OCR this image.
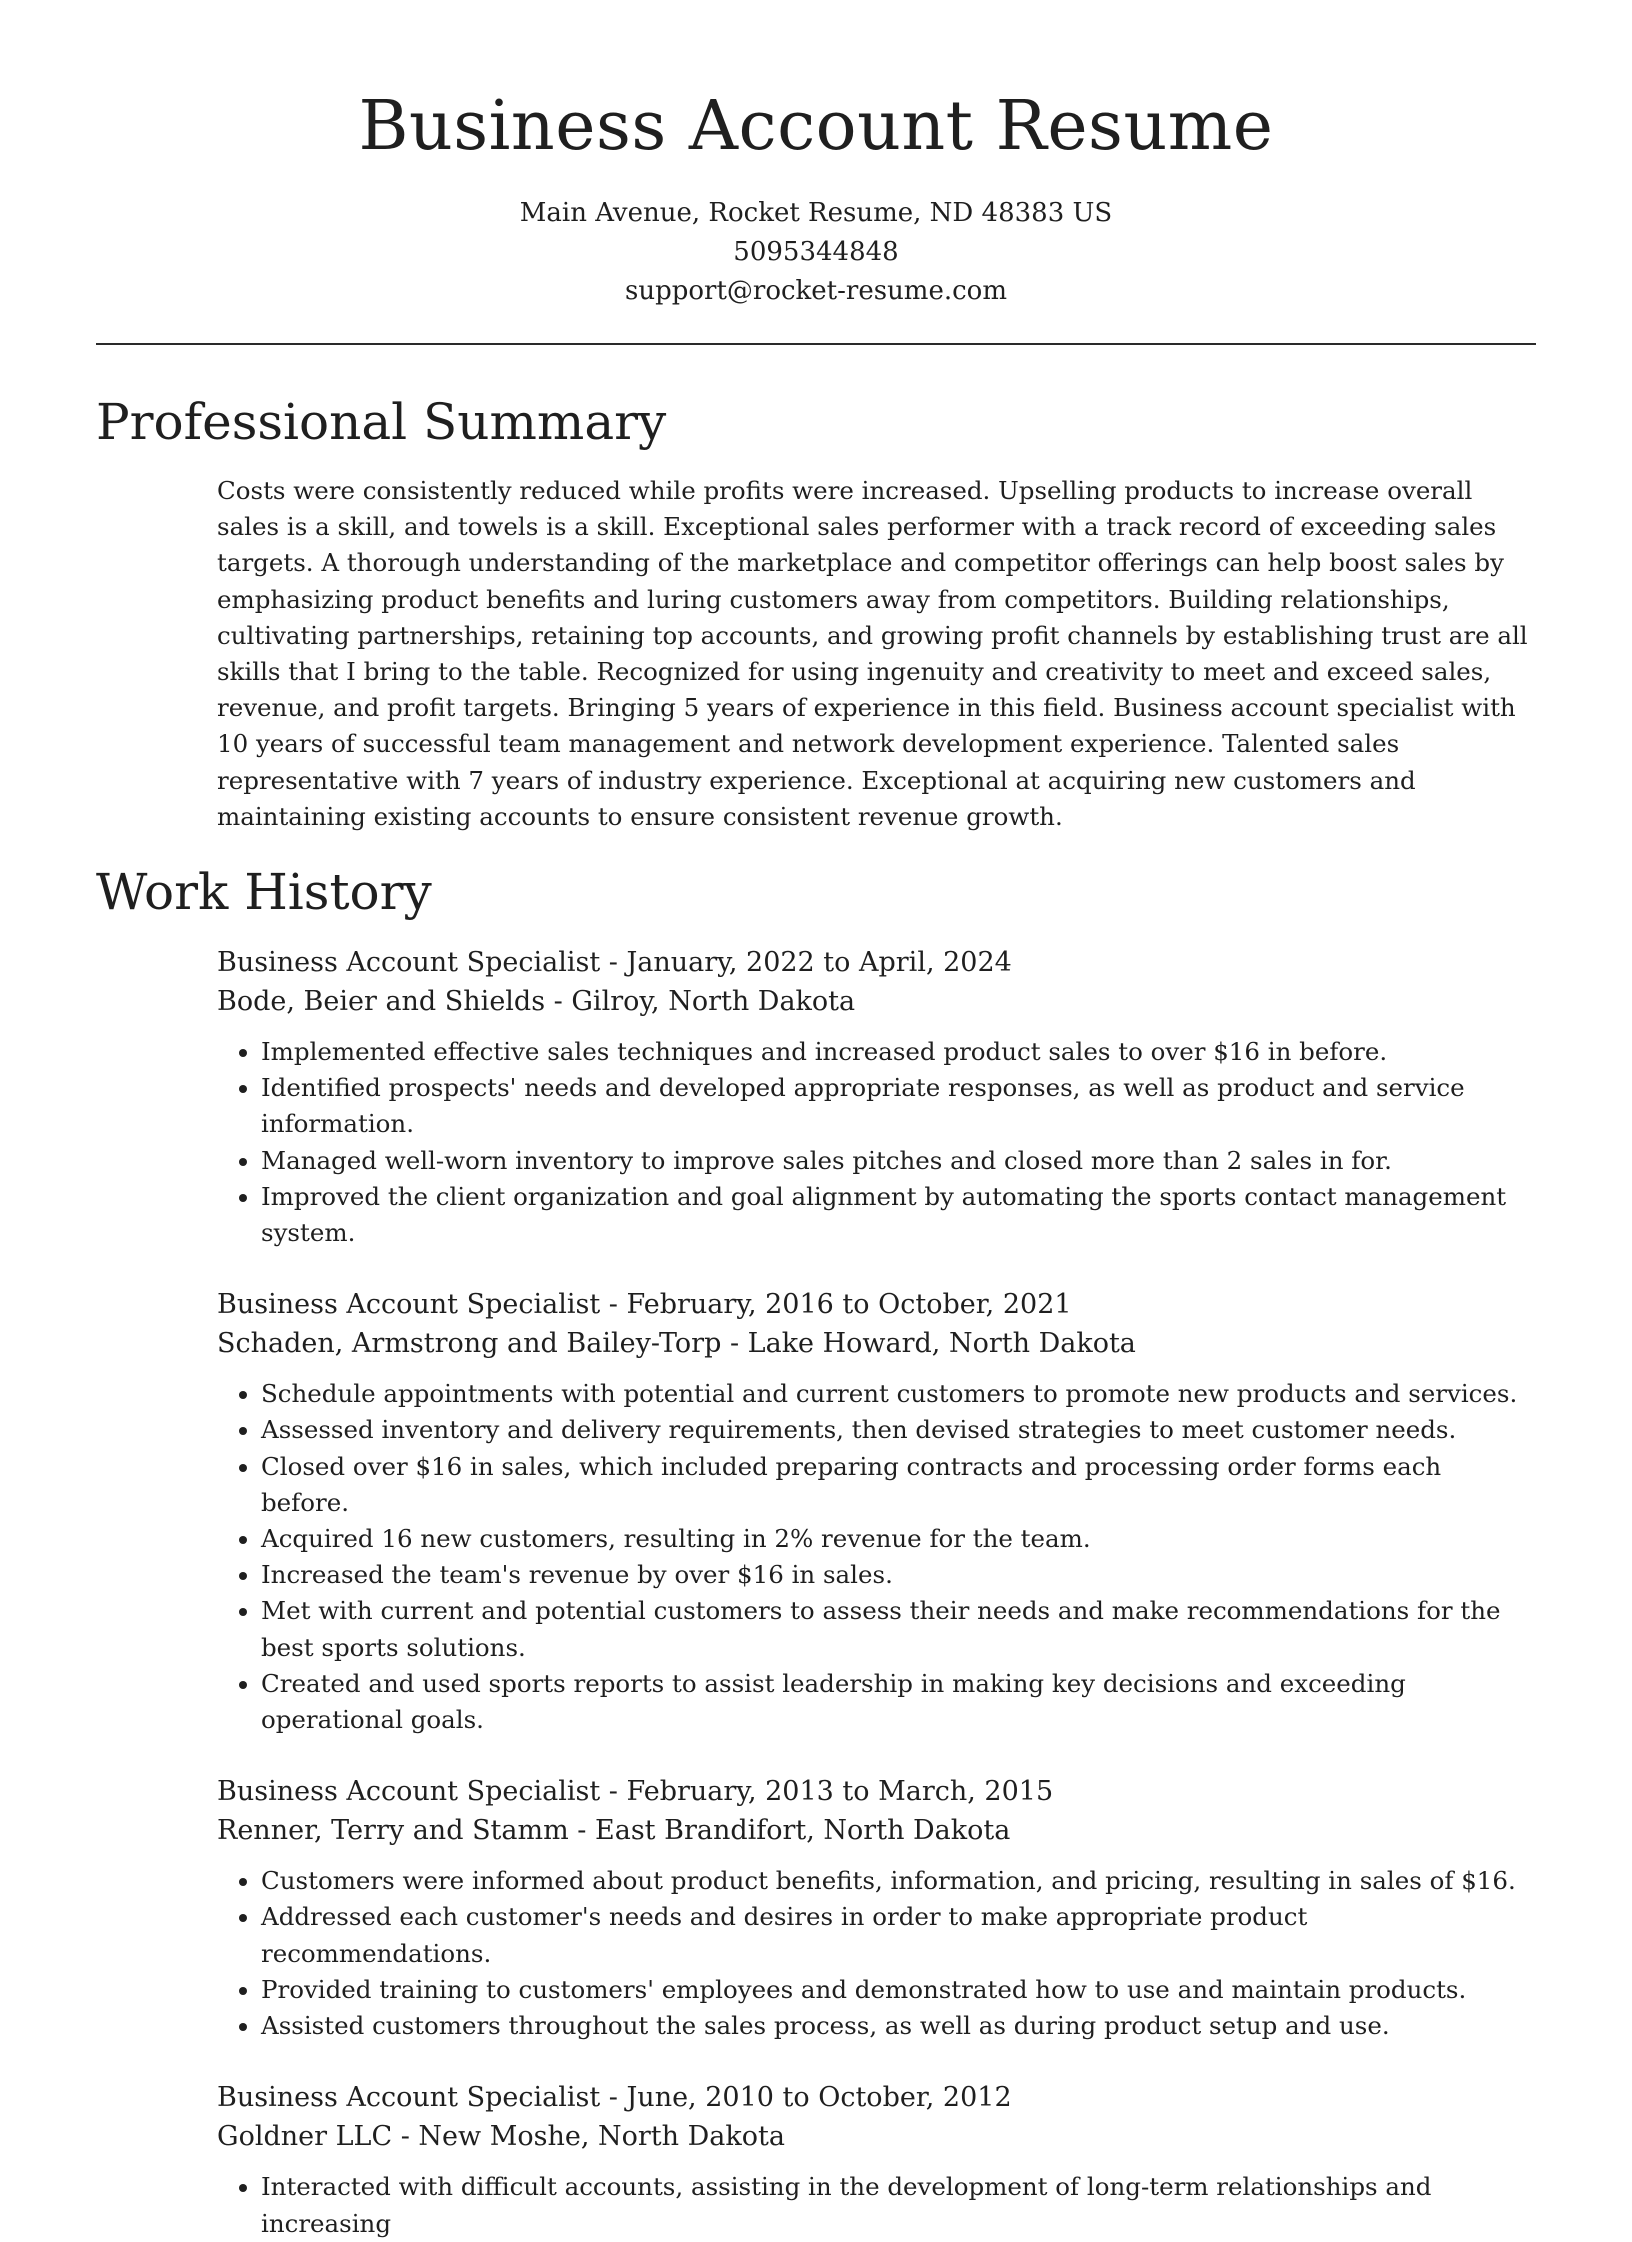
Business Account Resume
Main Avenue, Rocket Resume, ND 48383 US
5095344848
support@rocket-resume.com
Professional Summary
Costs were consistently reduced while profits were increased. Upselling products to increase overall sales is a skill, and towels is a skill. Exceptional sales performer with a track record of exceeding sales targets. A thorough understanding of the marketplace and competitor offerings can help boost sales by emphasizing product benefits and luring customers away from competitors. Building relationships, cultivating partnerships, retaining top accounts, and growing profit channels by establishing trust are all skills that I bring to the table. Recognized for using ingenuity and creativity to meet and exceed sales, revenue, and profit targets. Bringing 5 years of experience in this field. Business account specialist with 10 years of successful team management and network development experience. Talented sales representative with 7 years of industry experience. Exceptional at acquiring new customers and maintaining existing accounts to ensure consistent revenue growth.
Work History
Business Account Specialist - January, 2022 to April, 2024
Bode, Beier and Shields - Gilroy, North Dakota
• Implemented effective sales techniques and increased product sales to over $16 in before.
• Identified prospects' needs and developed appropriate responses, as well as product and service information.
• Managed well-worn inventory to improve sales pitches and closed more than 2 sales in for.
• Improved the client organization and goal alignment by automating the sports contact management system.
Business Account Specialist - February, 2016 to October, 2021
Schaden, Armstrong and Bailey-Torp - Lake Howard, North Dakota
• Schedule appointments with potential and current customers to promote new products and services.
• Assessed inventory and delivery requirements, then devised strategies to meet customer needs.
• Closed over $16 in sales, which included preparing contracts and processing order forms each before.
• Acquired 16 new customers, resulting in 2% revenue for the team.
• Increased the team's revenue by over $16 in sales.
• Met with current and potential customers to assess their needs and make recommendations for the best sports solutions.
• Created and used sports reports to assist leadership in making key decisions and exceeding operational goals.
Business Account Specialist - February, 2013 to March, 2015
Renner, Terry and Stamm - East Brandifort, North Dakota
• Customers were informed about product benefits, information, and pricing, resulting in sales of $16.
• Addressed each customer's needs and desires in order to make appropriate product recommendations.
• Provided training to customers' employees and demonstrated how to use and maintain products.
• Assisted customers throughout the sales process, as well as during product setup and use.
Business Account Specialist - June, 2010 to October, 2012
Goldner LLC - New Moshe, North Dakota
• Interacted with difficult accounts, assisting in the development of long-term relationships and increasing
